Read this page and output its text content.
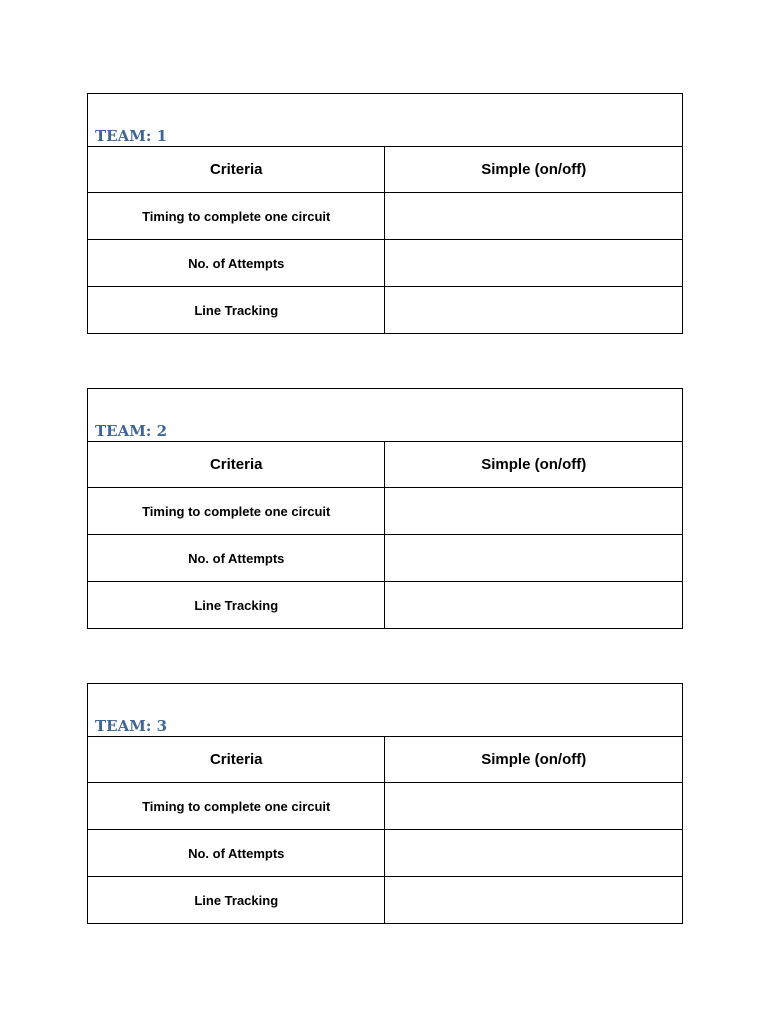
TEAM: 1	

Criteria	Simple (on/off)
Timing to complete one circuit	
No. of Attempts	
Line Tracking	
TEAM: 2	

Criteria	Simple (on/off)
Timing to complete one circuit	
No. of Attempts	
Line Tracking	
TEAM: 3	

Criteria	Simple (on/off)
Timing to complete one circuit	
No. of Attempts	
Line Tracking	
